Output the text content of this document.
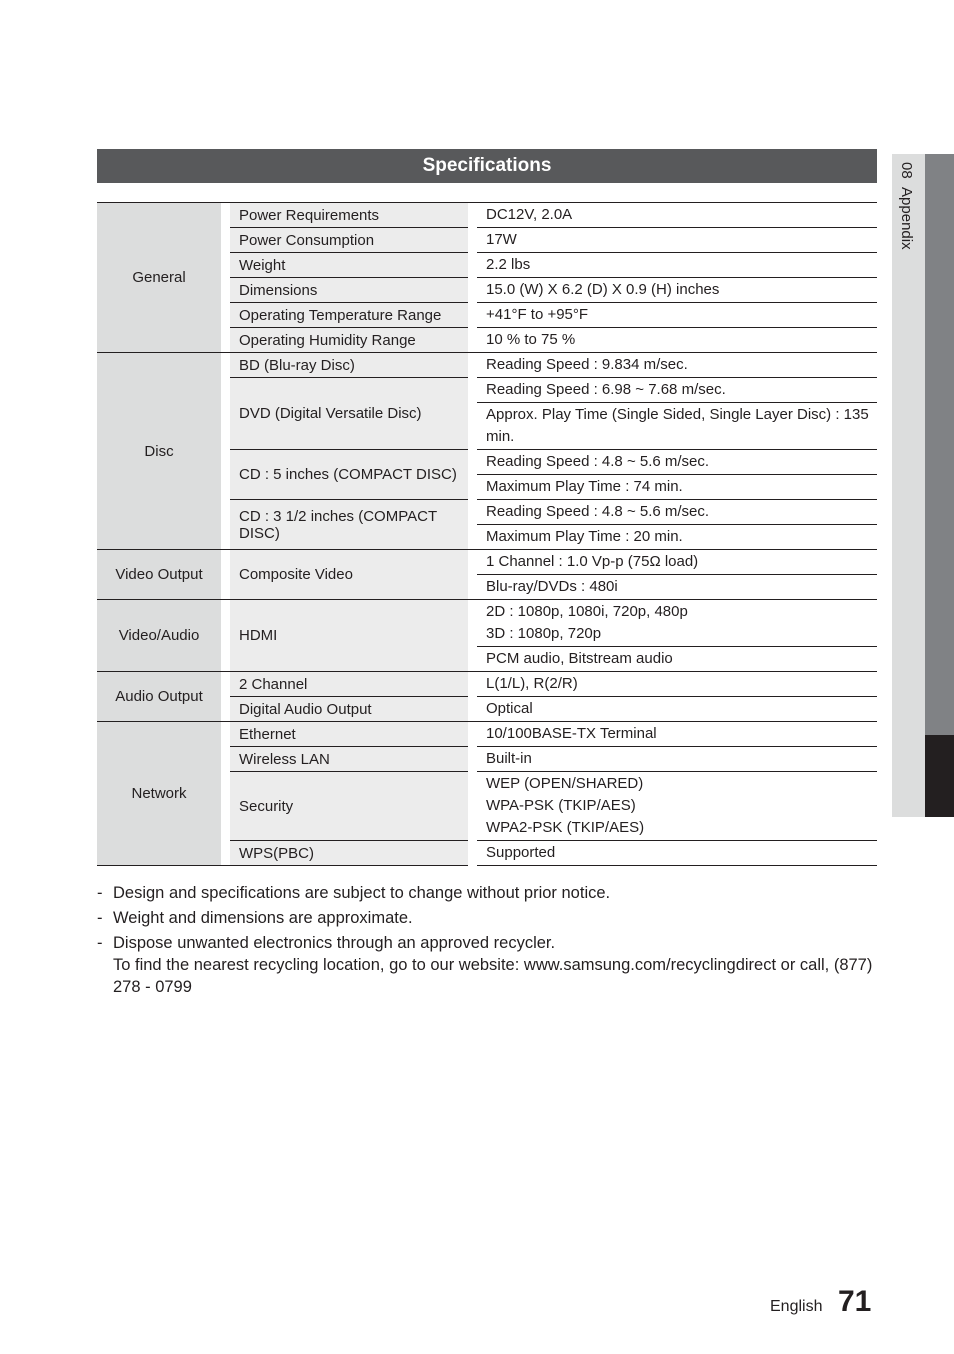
08  Appendix
Specifications
General		Power Requirements		DC12V, 2.0A
		Power Consumption		17W
		Weight		2.2 lbs
		Dimensions		15.0 (W) X 6.2 (D) X 0.9 (H) inches
		Operating Temperature Range		+41°F to +95°F
		Operating Humidity Range		10 % to 75 %
Disc		BD (Blu-ray Disc)		Reading Speed : 9.834 m/sec.
		DVD (Digital Versatile Disc)		Reading Speed : 6.98 ~ 7.68 m/sec.
				Approx. Play Time (Single Sided, Single Layer Disc) : 135 min.
		CD : 5 inches (COMPACT DISC)		Reading Speed : 4.8 ~ 5.6 m/sec.
				Maximum Play Time : 74 min.
		CD : 3 1/2 inches (COMPACT DISC)		Reading Speed : 4.8 ~ 5.6 m/sec.
				Maximum Play Time : 20 min.
Video Output		Composite Video		1 Channel : 1.0 Vp-p (75Ω load)
				Blu-ray/DVDs : 480i
Video/Audio		HDMI		2D : 1080p, 1080i, 720p, 480p
3D : 1080p, 720p
				PCM audio, Bitstream audio
Audio Output		2 Channel		L(1/L), R(2/R)
		Digital Audio Output		Optical
Network		Ethernet		10/100BASE-TX Terminal
		Wireless LAN		Built-in
		Security		WEP (OPEN/SHARED)
WPA-PSK (TKIP/AES)
WPA2-PSK (TKIP/AES)
		WPS(PBC)		Supported
- Design and specifications are subject to change without prior notice.
- Weight and dimensions are approximate.
- Dispose unwanted electronics through an approved recycler.
To find the nearest recycling location, go to our website: www.samsung.com/recyclingdirect or call, (877) 278 - 0799
English 71
